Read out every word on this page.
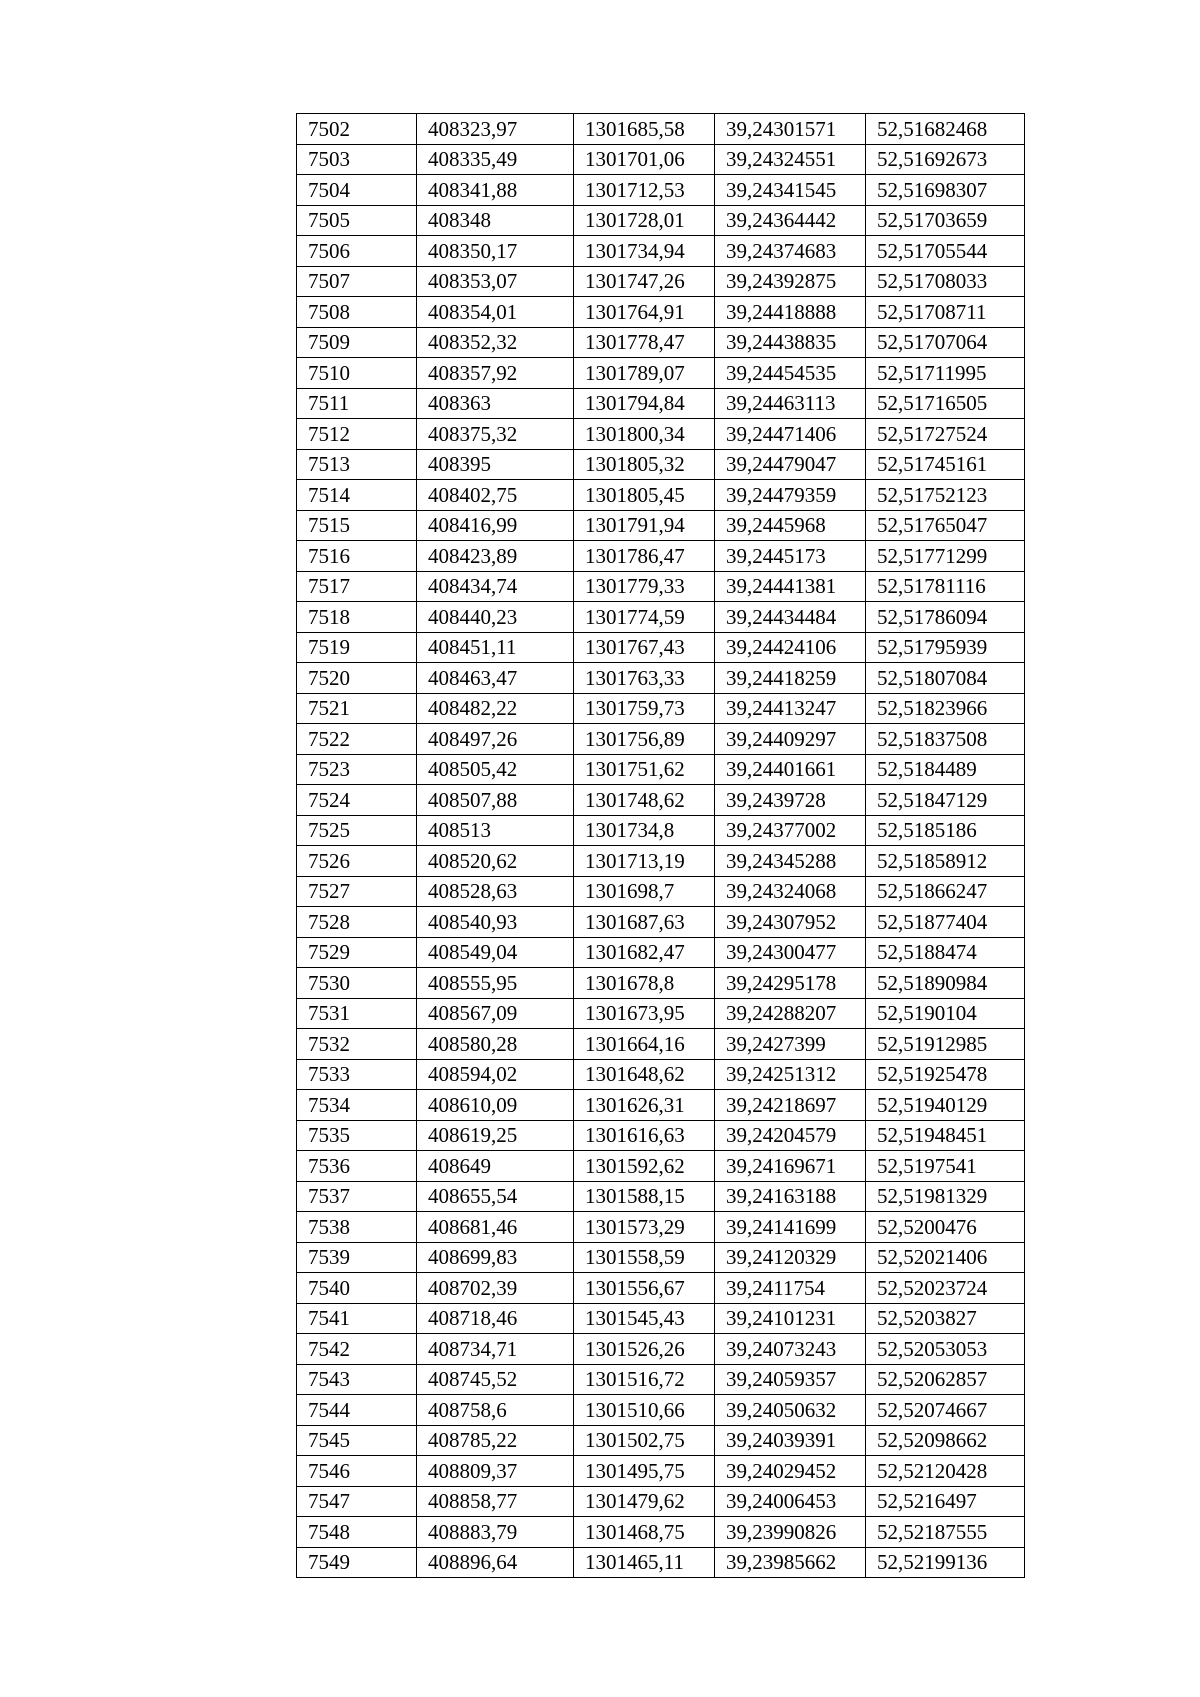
7502	408323,97	1301685,58	39,24301571	52,51682468
7503	408335,49	1301701,06	39,24324551	52,51692673
7504	408341,88	1301712,53	39,24341545	52,51698307
7505	408348	1301728,01	39,24364442	52,51703659
7506	408350,17	1301734,94	39,24374683	52,51705544
7507	408353,07	1301747,26	39,24392875	52,51708033
7508	408354,01	1301764,91	39,24418888	52,51708711
7509	408352,32	1301778,47	39,24438835	52,51707064
7510	408357,92	1301789,07	39,24454535	52,51711995
7511	408363	1301794,84	39,24463113	52,51716505
7512	408375,32	1301800,34	39,24471406	52,51727524
7513	408395	1301805,32	39,24479047	52,51745161
7514	408402,75	1301805,45	39,24479359	52,51752123
7515	408416,99	1301791,94	39,2445968	52,51765047
7516	408423,89	1301786,47	39,2445173	52,51771299
7517	408434,74	1301779,33	39,24441381	52,51781116
7518	408440,23	1301774,59	39,24434484	52,51786094
7519	408451,11	1301767,43	39,24424106	52,51795939
7520	408463,47	1301763,33	39,24418259	52,51807084
7521	408482,22	1301759,73	39,24413247	52,51823966
7522	408497,26	1301756,89	39,24409297	52,51837508
7523	408505,42	1301751,62	39,24401661	52,5184489
7524	408507,88	1301748,62	39,2439728	52,51847129
7525	408513	1301734,8	39,24377002	52,5185186
7526	408520,62	1301713,19	39,24345288	52,51858912
7527	408528,63	1301698,7	39,24324068	52,51866247
7528	408540,93	1301687,63	39,24307952	52,51877404
7529	408549,04	1301682,47	39,24300477	52,5188474
7530	408555,95	1301678,8	39,24295178	52,51890984
7531	408567,09	1301673,95	39,24288207	52,5190104
7532	408580,28	1301664,16	39,2427399	52,51912985
7533	408594,02	1301648,62	39,24251312	52,51925478
7534	408610,09	1301626,31	39,24218697	52,51940129
7535	408619,25	1301616,63	39,24204579	52,51948451
7536	408649	1301592,62	39,24169671	52,5197541
7537	408655,54	1301588,15	39,24163188	52,51981329
7538	408681,46	1301573,29	39,24141699	52,5200476
7539	408699,83	1301558,59	39,24120329	52,52021406
7540	408702,39	1301556,67	39,2411754	52,52023724
7541	408718,46	1301545,43	39,24101231	52,5203827
7542	408734,71	1301526,26	39,24073243	52,52053053
7543	408745,52	1301516,72	39,24059357	52,52062857
7544	408758,6	1301510,66	39,24050632	52,52074667
7545	408785,22	1301502,75	39,24039391	52,52098662
7546	408809,37	1301495,75	39,24029452	52,52120428
7547	408858,77	1301479,62	39,24006453	52,5216497
7548	408883,79	1301468,75	39,23990826	52,52187555
7549	408896,64	1301465,11	39,23985662	52,52199136
